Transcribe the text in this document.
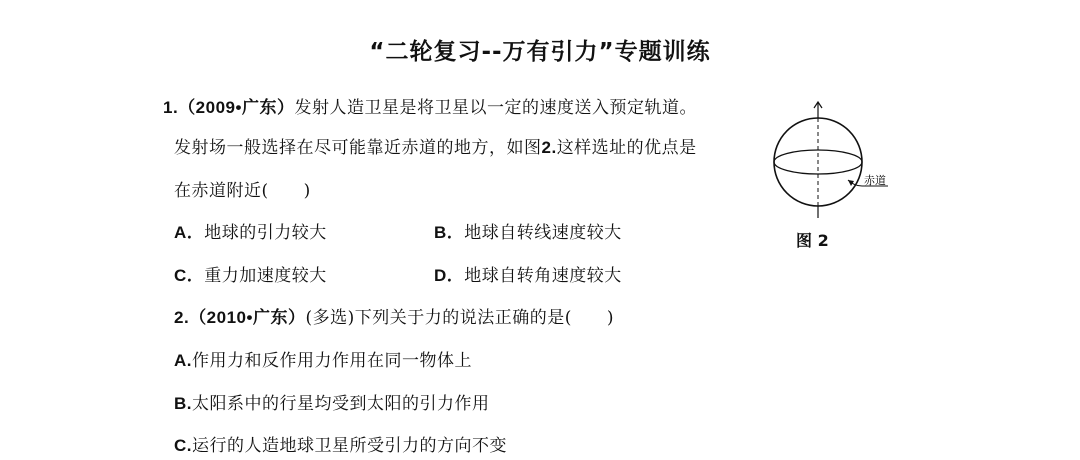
“二轮复习--万有引力”专题训练
1.（2009•广东）发射人造卫星是将卫星以一定的速度送入预定轨道。
发射场一般选择在尽可能靠近赤道的地方，如图2.这样选址的优点是
在赤道附近(　　)
A．地球的引力较大	B．地球自转线速度较大
C．重力加速度较大	D．地球自转角速度较大
2.（2010•广东）(多选)下列关于力的说法正确的是(　　)
A.作用力和反作用力作用在同一物体上
B.太阳系中的行星均受到太阳的引力作用
C.运行的人造地球卫星所受引力的方向不变
赤道
图 2
